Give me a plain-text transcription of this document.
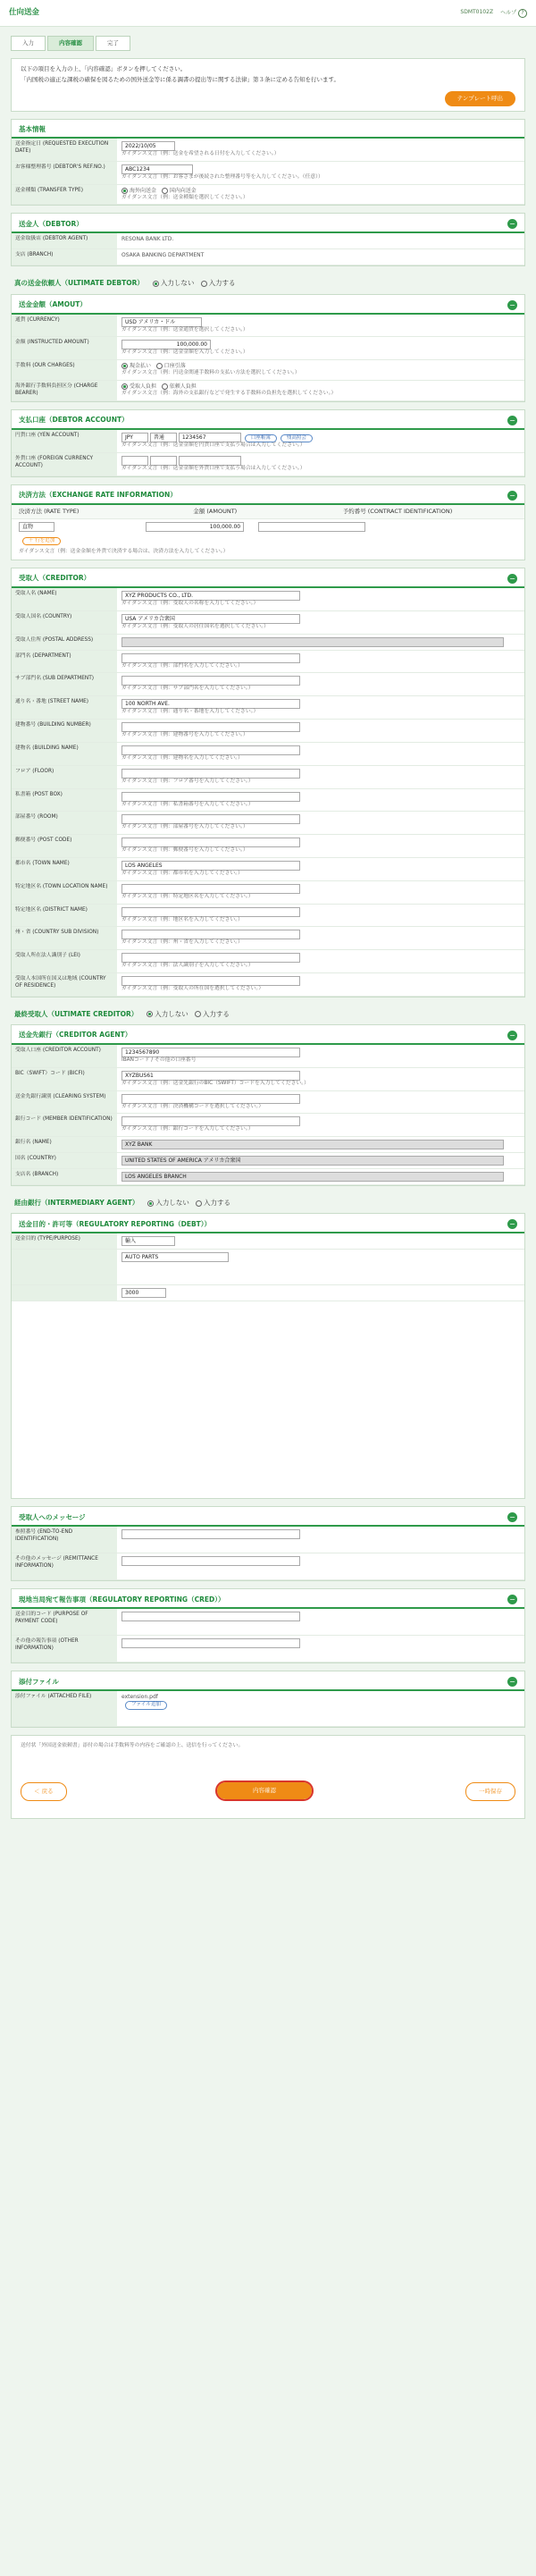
仕向送金	SDMT0102Z ヘルプ ?
入力	内容確認	完了
以下の項目を入力の上、「内容確認」ボタンを押してください。
「内国税の適正な課税の確保を図るための国外送金等に係る調書の提出等に関する法律」第３条に定める告知を行います。
テンプレート呼出
基本情報
送金指定日 (REQUESTED EXECUTION DATE)
2022/10/05
ガイダンス文言（例：送金を希望される日付を入力してください。）
お客様整理番号 (DEBTOR'S REF.NO.)	ABC1234
ガイダンス文言（例：お客さまが後続された整理番号等を入力してください。（任意））
送金種類 (TRANSFER TYPE)	海外向送金 国内向送金
ガイダンス文言（例：送金種類を選択してください。）
送金人（DEBTOR）	−
送金取扱店 (DEBTOR AGENT)	RESONA BANK LTD.
支店 (BRANCH)	OSAKA BANKING DEPARTMENT
真の送金依頼人（ULTIMATE DEBTOR）	入力しない 入力する
送金金額（AMOUT）	−
通貨 (CURRENCY)	USD アメリカ・ドル
ガイダンス文言（例：送金通貨を選択してください。）
金額 (INSTRUCTED AMOUNT)	100,000.00
ガイダンス文言（例：送金金額を入力してください。）
手数料 (OUR CHARGES)	現金払い 口座引落
ガイダンス文言（例：円送金関連手数料の支払い方法を選択してください。）
海外銀行手数料負担区分 (CHARGE BEARER)
受取人負担 依頼人負担
ガイダンス文言（例：海外の支払銀行などで発生する手数料の負担先を選択してください。）
支払口座（DEBTOR ACCOUNT）	−
円貨口座 (YEN ACCOUNT)	JPY	普通	1234567	口座帳簿	残高照会
ガイダンス文言（例：送金金額を円貨口座で支払う場合は入力してください。）
外貨口座 (FOREIGN CURRENCY ACCOUNT)

ガイダンス文言（例：送金金額を外貨口座で支払う場合は入力してください。）
決済方法（EXCHANGE RATE INFORMATION）	−
決済方法 (RATE TYPE)	金額 (AMOUNT)	予約番号 (CONTRACT IDENTIFICATION)
直物	100,000.00
＋ 行を追加
ガイダンス文言（例：送金金額を外貨で決済する場合は、決済方法を入力してください。）
受取人（CREDITOR）	−
受取人名 (NAME)	XYZ PRODUCTS CO., LTD.
ガイダンス文言（例：受取人の名称を入力してください。）
受取人国名 (COUNTRY)	USA アメリカ合衆国
ガイダンス文言（例：受取人の居住国名を選択してください。）
受取人住所 (POSTAL ADDRESS)
部門名 (DEPARTMENT)
ガイダンス文言（例：部門名を入力してください。）
サブ部門名 (SUB DEPARTMENT)
ガイダンス文言（例：サブ部門名を入力してください。）
通り名・番地 (STREET NAME)	100 NORTH AVE.
ガイダンス文言（例：通り名・番地を入力してください。）
建物番号 (BUILDING NUMBER)
ガイダンス文言（例：建物番号を入力してください。）
建物名 (BUILDING NAME)
ガイダンス文言（例：建物名を入力してください。）
フロア (FLOOR)
ガイダンス文言（例：フロア番号を入力してください。）
私書箱 (POST BOX)
ガイダンス文言（例：私書箱番号を入力してください。）
部屋番号 (ROOM)
ガイダンス文言（例：部屋番号を入力してください。）
郵便番号 (POST CODE)
ガイダンス文言（例：郵便番号を入力してください。）
都市名 (TOWN NAME)	LOS ANGELES
ガイダンス文言（例：都市名を入力してください。）
特定地区名 (TOWN LOCATION NAME)
ガイダンス文言（例：特定地区名を入力してください。）
特定地区名 (DISTRICT NAME)
ガイダンス文言（例：地区名を入力してください。）
州・省 (COUNTRY SUB DIVISION)
ガイダンス文言（例：州・省を入力してください。）
受取人所在法人識別子 (LEI)
ガイダンス文言（例：法人識別子を入力してください。）
受取人本国所在国又は地域 (COUNTRY OF RESIDENCE)
ガイダンス文言（例：受取人の所在国を選択してください。）
最終受取人（ULTIMATE CREDITOR）	入力しない 入力する
送金先銀行（CREDITOR AGENT）	−
受取人口座 (CREDITOR ACCOUNT)	1234567890
IBANコード / その他の口座番号
BIC（SWIFT）コード (BICFI)	XYZBUS61
ガイダンス文言（例：送金先銀行のBIC（SWIFT）コードを入力してください。）
送金先銀行識別 (CLEARING SYSTEM)
ガイダンス文言（例：決済機構コードを選択してください。）
銀行コード (MEMBER IDENTIFICATION)
ガイダンス文言（例：銀行コードを入力してください。）
銀行名 (NAME)	XYZ BANK
国名 (COUNTRY)	UNITED STATES OF AMERICA アメリカ合衆国
支店名 (BRANCH)	LOS ANGELES BRANCH
経由銀行（INTERMEDIARY AGENT）	入力しない 入力する
送金目的・許可等（REGULATORY REPORTING（DEBT））	−
送金目的 (TYPE/PURPOSE)	輸入
AUTO PARTS
3000
受取人へのメッセージ	−
参照番号 (END-TO-END IDENTIFICATION)
その他のメッセージ (REMITTANCE INFORMATION)
現地当局宛て報告事項（REGULATORY REPORTING（CRED））	−
送金目的コード (PURPOSE OF PAYMENT CODE)
その他の報告事項 (OTHER INFORMATION)
添付ファイル	−
添付ファイル (ATTACHED FILE)	extension.pdf
ファイル追加
送付状「外国送金依頼書」添付の場合は手数料等の内容をご確認の上、送信を行ってください。
＜ 戻る	内容確認	一時保存
